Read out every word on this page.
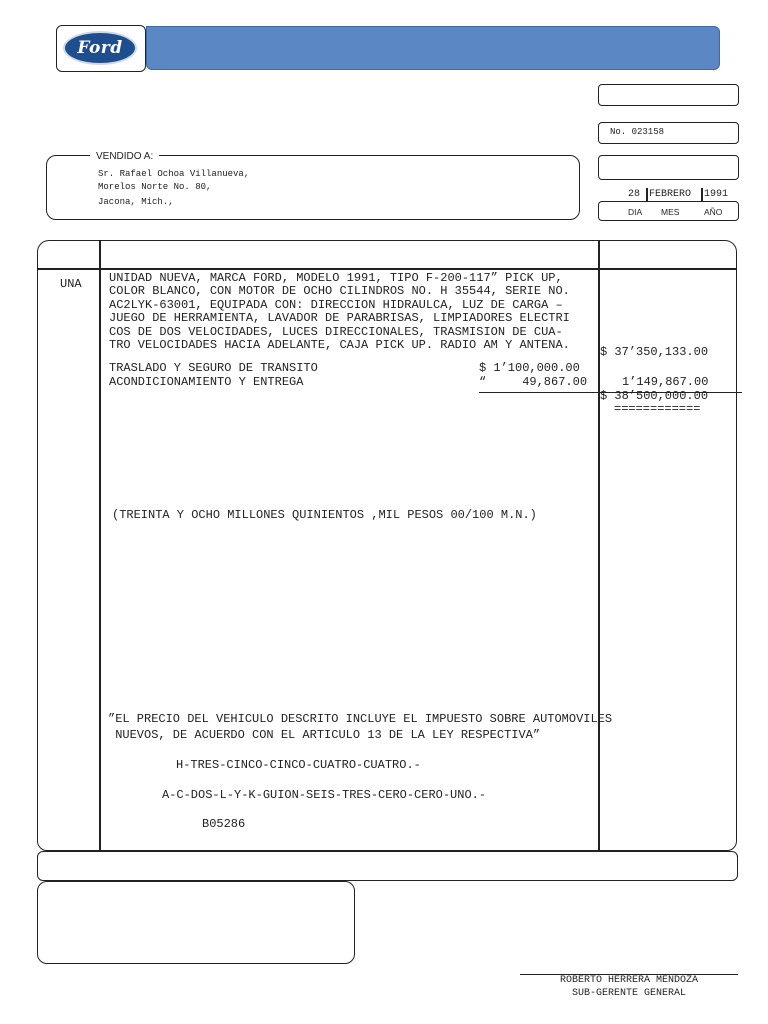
Ford
No. 023158
28 FEBRERO 1991
DIA MES	AÑO
VENDIDO A:
Sr. Rafael Ochoa Villanueva,
Morelos Norte No. 80,
Jacona, Mich.,
UNA UNIDAD NUEVA, MARCA FORD, MODELO 1991, TIPO F-200-117” PICK UP,
COLOR BLANCO, CON MOTOR DE OCHO CILINDROS NO. H 35544, SERIE NO.
AC2LYK-63001, EQUIPADA CON: DIRECCION HIDRAULCA, LUZ DE CARGA –
JUEGO DE HERRAMIENTA, LAVADOR DE PARABRISAS, LIMPIADORES ELECTRI
COS DE DOS VELOCIDADES, LUCES DIRECCIONALES, TRASMISION DE CUA-
TRO VELOCIDADES HACIA ADELANTE, CAJA PICK UP. RADIO AM Y ANTENA.	$ 37’350,133.00
TRASLADO Y SEGURO DE TRANSITO	$ 1’100,000.00
ACONDICIONAMIENTO Y ENTREGA	“     49,867.00	1’149,867.00
$ 38’500,000.00
============
(TREINTA Y OCHO MILLONES QUINIENTOS ,MIL PESOS 00/100 M.N.)
”EL PRECIO DEL VEHICULO DESCRITO INCLUYE EL IMPUESTO SOBRE AUTOMOVILES
NUEVOS, DE ACUERDO CON EL ARTICULO 13 DE LA LEY RESPECTIVA”
H-TRES-CINCO-CINCO-CUATRO-CUATRO.-
A-C-DOS-L-Y-K-GUION-SEIS-TRES-CERO-CERO-UNO.-
B05286
ROBERTO HERRERA MENDOZA
SUB-GERENTE GENERAL
